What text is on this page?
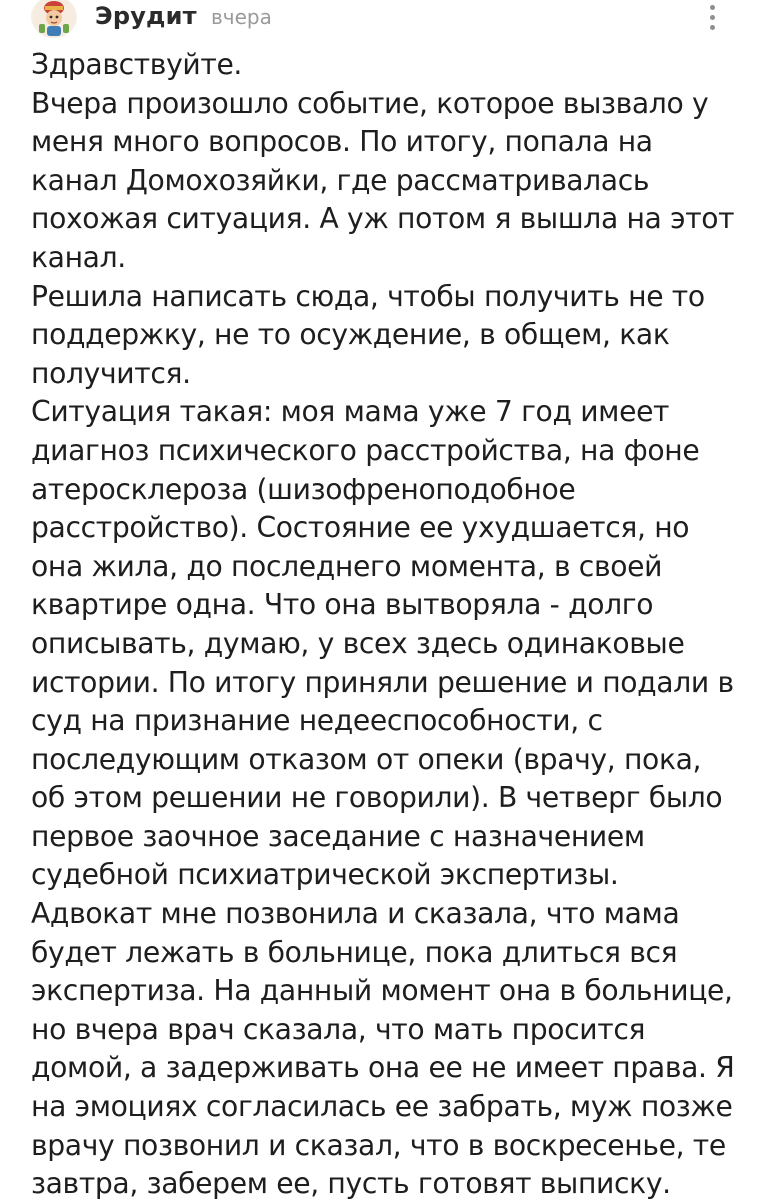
Эрудит вчера
Здравствуйте.
Вчера произошло событие, которое вызвало у
меня много вопросов. По итогу, попала на
канал Домохозяйки, где рассматривалась
похожая ситуация. А уж потом я вышла на этот
канал.
Решила написать сюда, чтобы получить не то
поддержку, не то осуждение, в общем, как
получится.
Ситуация такая: моя мама уже 7 год имеет
диагноз психического расстройства, на фоне
атеросклероза (шизофреноподобное
расстройство). Состояние ее ухудшается, но
она жила, до последнего момента, в своей
квартире одна. Что она вытворяла - долго
описывать, думаю, у всех здесь одинаковые
истории. По итогу приняли решение и подали в
суд на признание недееспособности, с
последующим отказом от опеки (врачу, пока,
об этом решении не говорили). В четверг было
первое заочное заседание с назначением
судебной психиатрической экспертизы.
Адвокат мне позвонила и сказала, что мама
будет лежать в больнице, пока длиться вся
экспертиза. На данный момент она в больнице,
но вчера врач сказала, что мать просится
домой, а задерживать она ее не имеет права. Я
на эмоциях согласилась ее забрать, муж позже
врачу позвонил и сказал, что в воскресенье, те
завтра, заберем ее, пусть готовят выписку.
